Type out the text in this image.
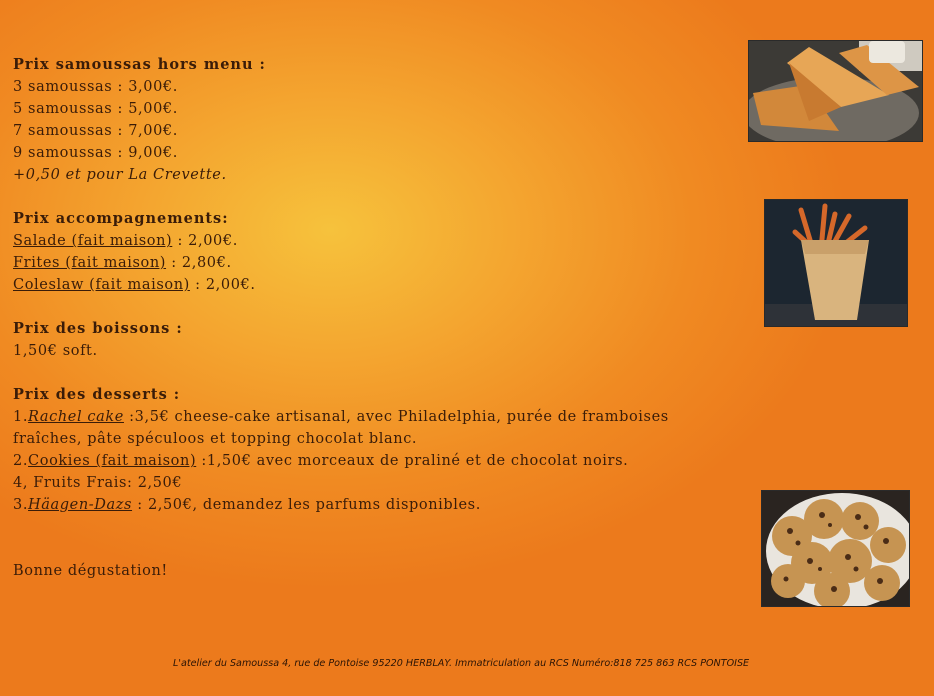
Prix samoussas hors menu :
3 samoussas : 3,00€.
5 samoussas : 5,00€.
7 samoussas : 7,00€.
9 samoussas : 9,00€.
+0,50 et pour La Crevette.
Prix accompagnements:
Salade (fait maison) : 2,00€.
Frites (fait maison) : 2,80€.
Coleslaw (fait maison) : 2,00€.
Prix des boissons :
1,50€ soft.
Prix des desserts :
1.Rachel cake :3,5€ cheese-cake artisanal, avec Philadelphia, purée de framboises
fraîches, pâte spéculoos et topping chocolat blanc.
2.Cookies (fait maison) :1,50€ avec morceaux de praliné et de chocolat noirs.
4, Fruits Frais: 2,50€
3.Häagen-Dazs : 2,50€, demandez les parfums disponibles.
Bonne dégustation!
L'atelier du Samoussa 4, rue de Pontoise 95220 HERBLAY. Immatriculation au RCS Numéro:818 725 863 RCS PONTOISE
